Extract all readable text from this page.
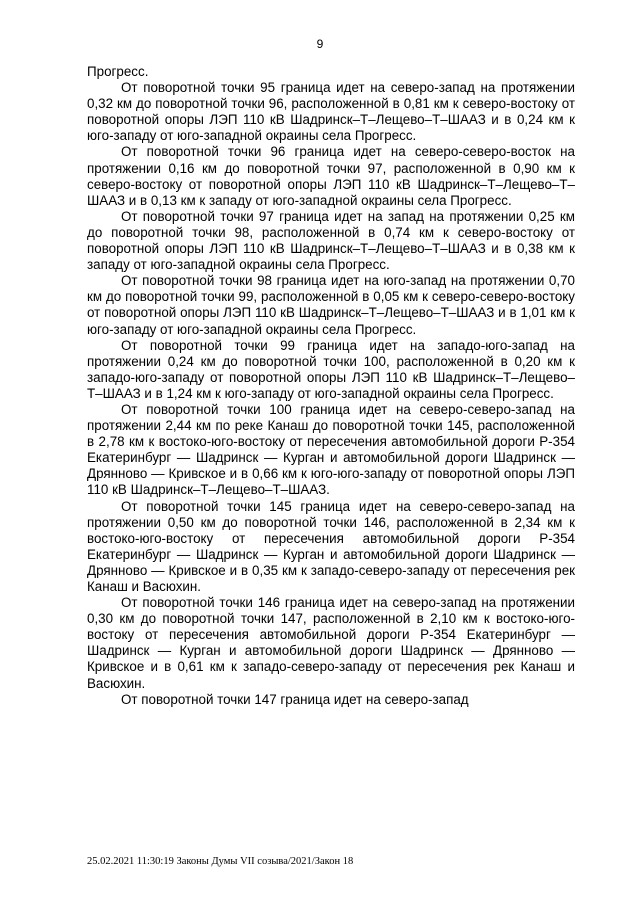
9

Прогресс.

От поворотной точки 95 граница идет на северо-запад на протяжении 0,32 км до поворотной точки 96, расположенной в 0,81 км к северо-востоку от поворотной опоры ЛЭП 110 кВ Шадринск–Т–Лещево–Т–ШААЗ и в 0,24 км к юго-западу от юго-западной окраины села Прогресс.

От поворотной точки 96 граница идет на северо-северо-восток на протяжении 0,16 км до поворотной точки 97, расположенной в 0,90 км к северо-востоку от поворотной опоры ЛЭП 110 кВ Шадринск–Т–Лещево–Т–ШААЗ и в 0,13 км к западу от юго-западной окраины села Прогресс.

От поворотной точки 97 граница идет на запад на протяжении 0,25 км до поворотной точки 98, расположенной в 0,74 км к северо-востоку от поворотной опоры ЛЭП 110 кВ Шадринск–Т–Лещево–Т–ШААЗ и в 0,38 км к западу от юго-западной окраины села Прогресс.

От поворотной точки 98 граница идет на юго-запад на протяжении 0,70 км до поворотной точки 99, расположенной в 0,05 км к северо-северо-востоку от поворотной опоры ЛЭП 110 кВ Шадринск–Т–Лещево–Т–ШААЗ и в 1,01 км к юго-западу от юго-западной окраины села Прогресс.

От поворотной точки 99 граница идет на западо-юго-запад на протяжении 0,24 км до поворотной точки 100, расположенной в 0,20 км к западо-юго-западу от поворотной опоры ЛЭП 110 кВ Шадринск–Т–Лещево–Т–ШААЗ и в 1,24 км к юго-западу от юго-западной окраины села Прогресс.

От поворотной точки 100 граница идет на северо-северо-запад на протяжении 2,44 км по реке Канаш до поворотной точки 145, расположенной в 2,78 км к востоко-юго-востоку от пересечения автомобильной дороги Р-354 Екатеринбург — Шадринск — Курган и автомобильной дороги Шадринск — Дрянново — Кривское и в 0,66 км к юго-юго-западу от поворотной опоры ЛЭП 110 кВ Шадринск–Т–Лещево–Т–ШААЗ.

От поворотной точки 145 граница идет на северо-северо-запад на протяжении 0,50 км до поворотной точки 146, расположенной в 2,34 км к востоко-юго-востоку от пересечения автомобильной дороги Р-354 Екатеринбург — Шадринск — Курган и автомобильной дороги Шадринск — Дрянново — Кривское и в 0,35 км к западо-северо-западу от пересечения рек Канаш и Васюхин.

От поворотной точки 146 граница идет на северо-запад на протяжении 0,30 км до поворотной точки 147, расположенной в 2,10 км к востоко-юго-востоку от пересечения автомобильной дороги Р-354 Екатеринбург — Шадринск — Курган и автомобильной дороги Шадринск — Дрянново — Кривское и в 0,61 км к западо-северо-западу от пересечения рек Канаш и Васюхин.

От поворотной точки 147 граница идет на северо-запад

25.02.2021 11:30:19 Законы Думы VII созыва/2021/Закон 18
